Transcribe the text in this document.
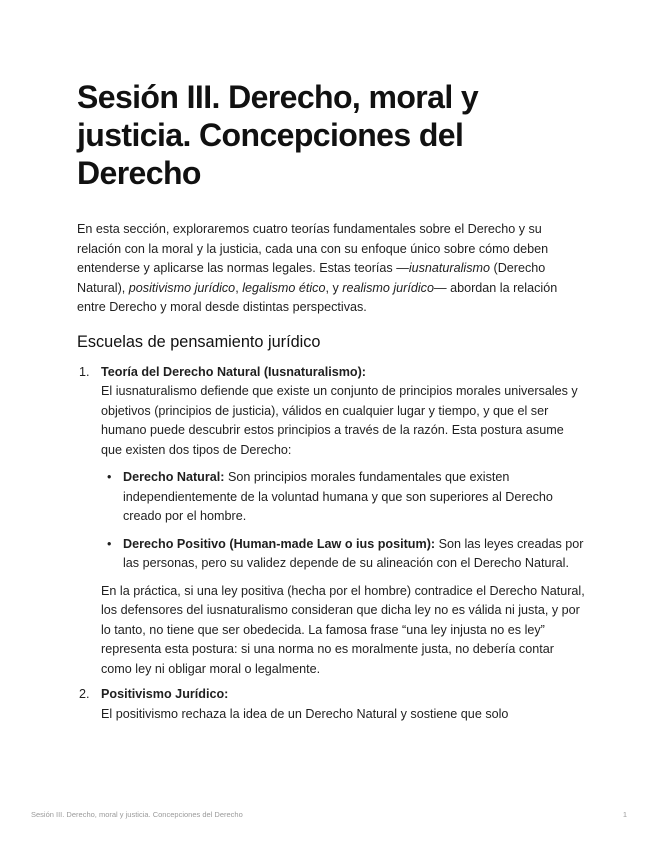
Sesión III. Derecho, moral y justicia. Concepciones del Derecho

En esta sección, exploraremos cuatro teorías fundamentales sobre el Derecho y su relación con la moral y la justicia, cada una con su enfoque único sobre cómo deben entenderse y aplicarse las normas legales. Estas teorías —iusnaturalismo (Derecho Natural), positivismo jurídico, legalismo ético, y realismo jurídico— abordan la relación entre Derecho y moral desde distintas perspectivas.

Escuelas de pensamiento jurídico
1. Teoría del Derecho Natural (Iusnaturalismo):
El iusnaturalismo defiende que existe un conjunto de principios morales universales y objetivos (principios de justicia), válidos en cualquier lugar y tiempo, y que el ser humano puede descubrir estos principios a través de la razón. Esta postura asume que existen dos tipos de Derecho:
• Derecho Natural: Son principios morales fundamentales que existen independientemente de la voluntad humana y que son superiores al Derecho creado por el hombre.
• Derecho Positivo (Human-made Law o ius positum): Son las leyes creadas por las personas, pero su validez depende de su alineación con el Derecho Natural.

En la práctica, si una ley positiva (hecha por el hombre) contradice el Derecho Natural, los defensores del iusnaturalismo consideran que dicha ley no es válida ni justa, y por lo tanto, no tiene que ser obedecida. La famosa frase “una ley injusta no es ley” representa esta postura: si una norma no es moralmente justa, no debería contar como ley ni obligar moral o legalmente.

2. Positivismo Jurídico:
El positivismo rechaza la idea de un Derecho Natural y sostiene que solo
Sesión III. Derecho, moral y justicia. Concepciones del Derecho	1
